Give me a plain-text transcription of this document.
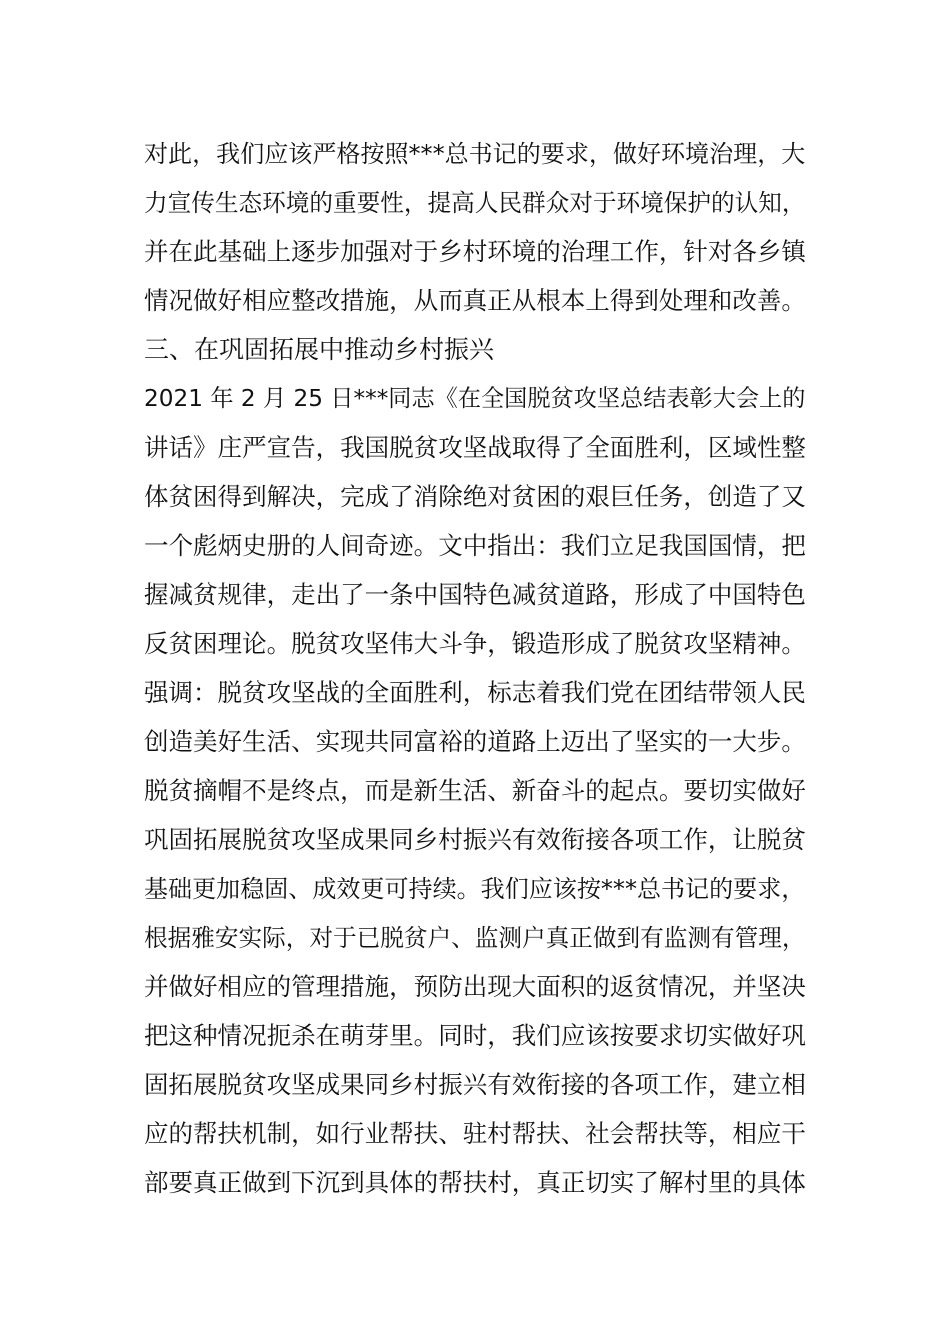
对此，我们应该严格按照***总书记的要求，做好环境治理，大
力宣传生态环境的重要性，提高人民群众对于环境保护的认知，
并在此基础上逐步加强对于乡村环境的治理工作，针对各乡镇
情况做好相应整改措施，从而真正从根本上得到处理和改善。
三、在巩固拓展中推动乡村振兴
2021 年 2 月 25 日***同志《在全国脱贫攻坚总结表彰大会上的
讲话》庄严宣告，我国脱贫攻坚战取得了全面胜利，区域性整
体贫困得到解决，完成了消除绝对贫困的艰巨任务，创造了又
一个彪炳史册的人间奇迹。文中指出：我们立足我国国情，把
握减贫规律，走出了一条中国特色减贫道路，形成了中国特色
反贫困理论。脱贫攻坚伟大斗争，锻造形成了脱贫攻坚精神。
强调：脱贫攻坚战的全面胜利，标志着我们党在团结带领人民
创造美好生活、实现共同富裕的道路上迈出了坚实的一大步。
脱贫摘帽不是终点，而是新生活、新奋斗的起点。要切实做好
巩固拓展脱贫攻坚成果同乡村振兴有效衔接各项工作，让脱贫
基础更加稳固、成效更可持续。我们应该按***总书记的要求，
根据雅安实际，对于已脱贫户、监测户真正做到有监测有管理，
并做好相应的管理措施，预防出现大面积的返贫情况，并坚决
把这种情况扼杀在萌芽里。同时，我们应该按要求切实做好巩
固拓展脱贫攻坚成果同乡村振兴有效衔接的各项工作，建立相
应的帮扶机制，如行业帮扶、驻村帮扶、社会帮扶等，相应干
部要真正做到下沉到具体的帮扶村，真正切实了解村里的具体
